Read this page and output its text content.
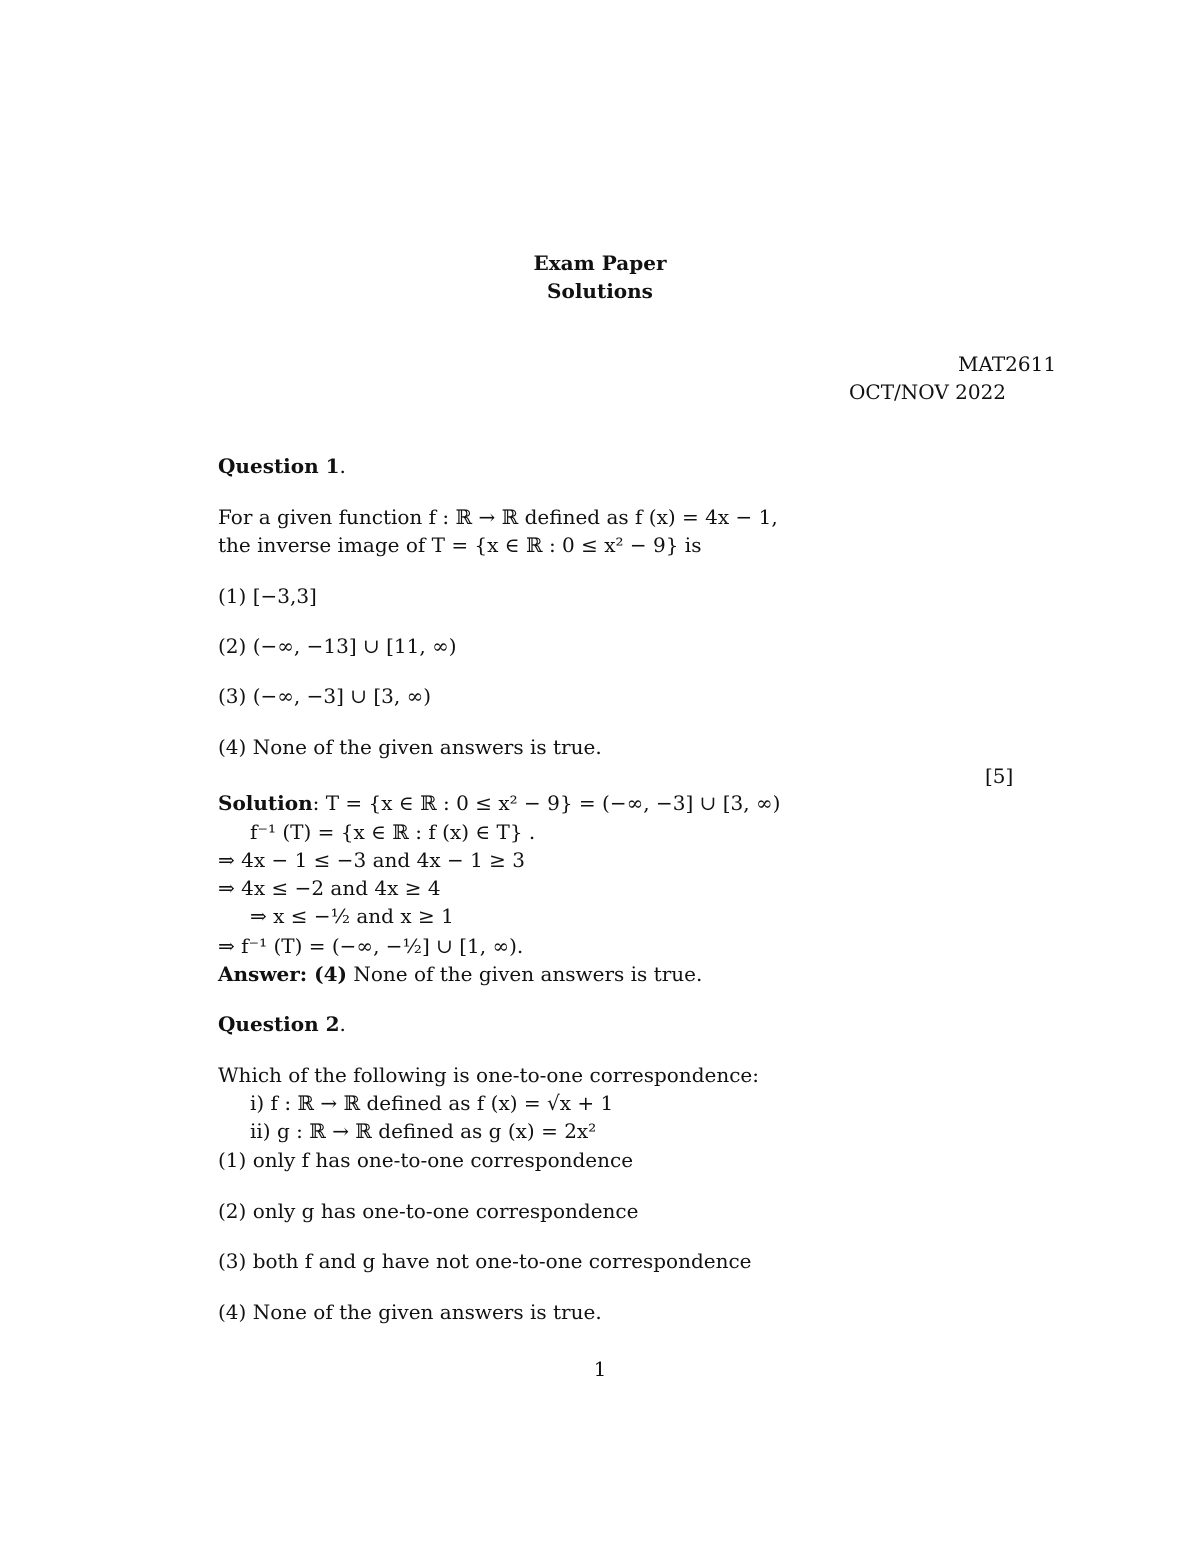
Exam Paper
Solutions
MAT2611
OCT/NOV 2022
Question 1.
For a given function f : ℝ → ℝ defined as f (x) = 4x − 1,
the inverse image of T = {x ∈ ℝ : 0 ≤ x² − 9} is
(1) [−3,3]
(2) (−∞, −13] ∪ [11, ∞)
(3) (−∞, −3] ∪ [3, ∞)
(4) None of the given answers is true.
[5]
Solution: T = {x ∈ ℝ : 0 ≤ x² − 9} = (−∞, −3] ∪ [3, ∞)
f⁻¹ (T) = {x ∈ ℝ : f (x) ∈ T} .
⇒ 4x − 1 ≤ −3 and 4x − 1 ≥ 3
⇒ 4x ≤ −2 and 4x ≥ 4
⇒ x ≤ −½ and x ≥ 1
⇒ f⁻¹ (T) = (−∞, −½] ∪ [1, ∞).
Answer: (4) None of the given answers is true.
Question 2.
Which of the following is one-to-one correspondence:
i) f : ℝ → ℝ defined as f (x) = √x + 1
ii) g : ℝ → ℝ defined as g (x) = 2x²
(1) only f has one-to-one correspondence
(2) only g has one-to-one correspondence
(3) both f and g have not one-to-one correspondence
(4) None of the given answers is true.
1
